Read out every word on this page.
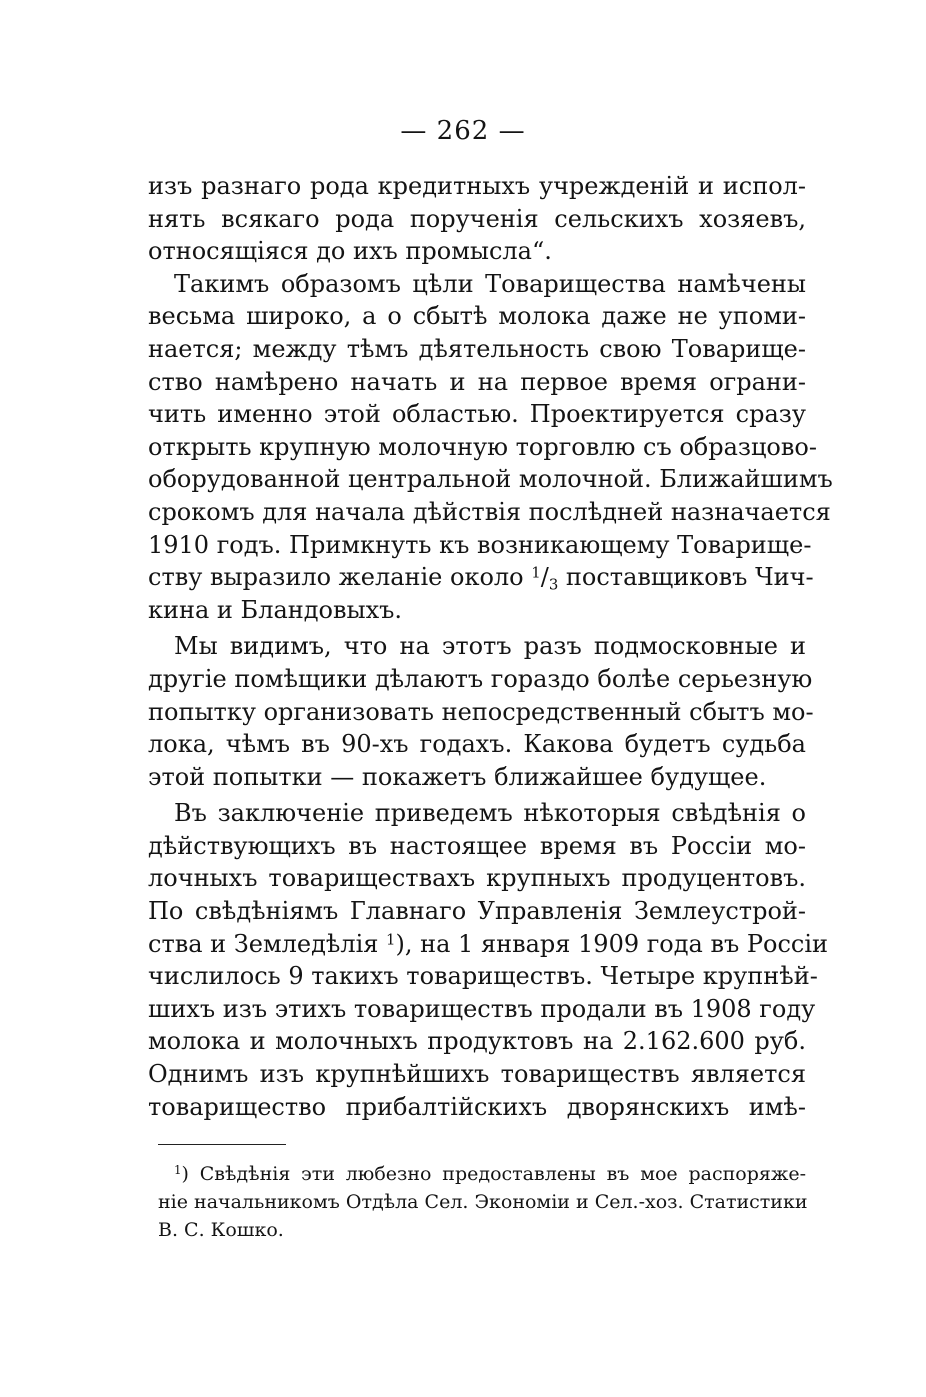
— 262 —
изъ разнаго рода кредитныхъ учрежденій и испол-
нять всякаго рода порученія сельскихъ хозяевъ,
относящіяся до ихъ промысла“.
Такимъ образомъ цѣли Товарищества намѣчены
весьма широко, а о сбытѣ молока даже не упоми-
нается; между тѣмъ дѣятельность свою Товарище-
ство намѣрено начать и на первое время ограни-
чить именно этой областью. Проектируется сразу
открыть крупную молочную торговлю съ образцово-
оборудованной центральной молочной. Ближайшимъ
срокомъ для начала дѣйствія послѣдней назначается
1910 годъ. Примкнуть къ возникающему Товарище-
ству выразило желаніе около $^1/_3$ поставщиковъ Чич-
кина и Бландовыхъ.
Мы видимъ, что на этотъ разъ подмосковные и
другіе помѣщики дѣлаютъ гораздо болѣе серьезную
попытку организовать непосредственный сбытъ мо-
лока, чѣмъ въ 90-хъ годахъ. Какова будетъ судьба
этой попытки — покажетъ ближайшее будущее.
Въ заключеніе приведемъ нѣкоторыя свѣдѣнія о
дѣйствующихъ въ настоящее время въ Россіи мо-
лочныхъ товариществахъ крупныхъ продуцентовъ.
По свѣдѣніямъ Главнаго Управленія Землеустрой-
ства и Земледѣлія $^1$), на 1 января 1909 года въ Россіи
числилось 9 такихъ товариществъ. Четыре крупнѣй-
шихъ изъ этихъ товариществъ продали въ 1908 году
молока и молочныхъ продуктовъ на 2.162.600 руб.
Однимъ изъ крупнѣйшихъ товариществъ является
товарищество прибалтійскихъ дворянскихъ имѣ-
$^1$) Свѣдѣнія эти любезно предоставлены въ мое распоряже-
ніе начальникомъ Отдѣла Сел. Экономіи и Сел.-хоз. Статистики
В. С. Кошко.
